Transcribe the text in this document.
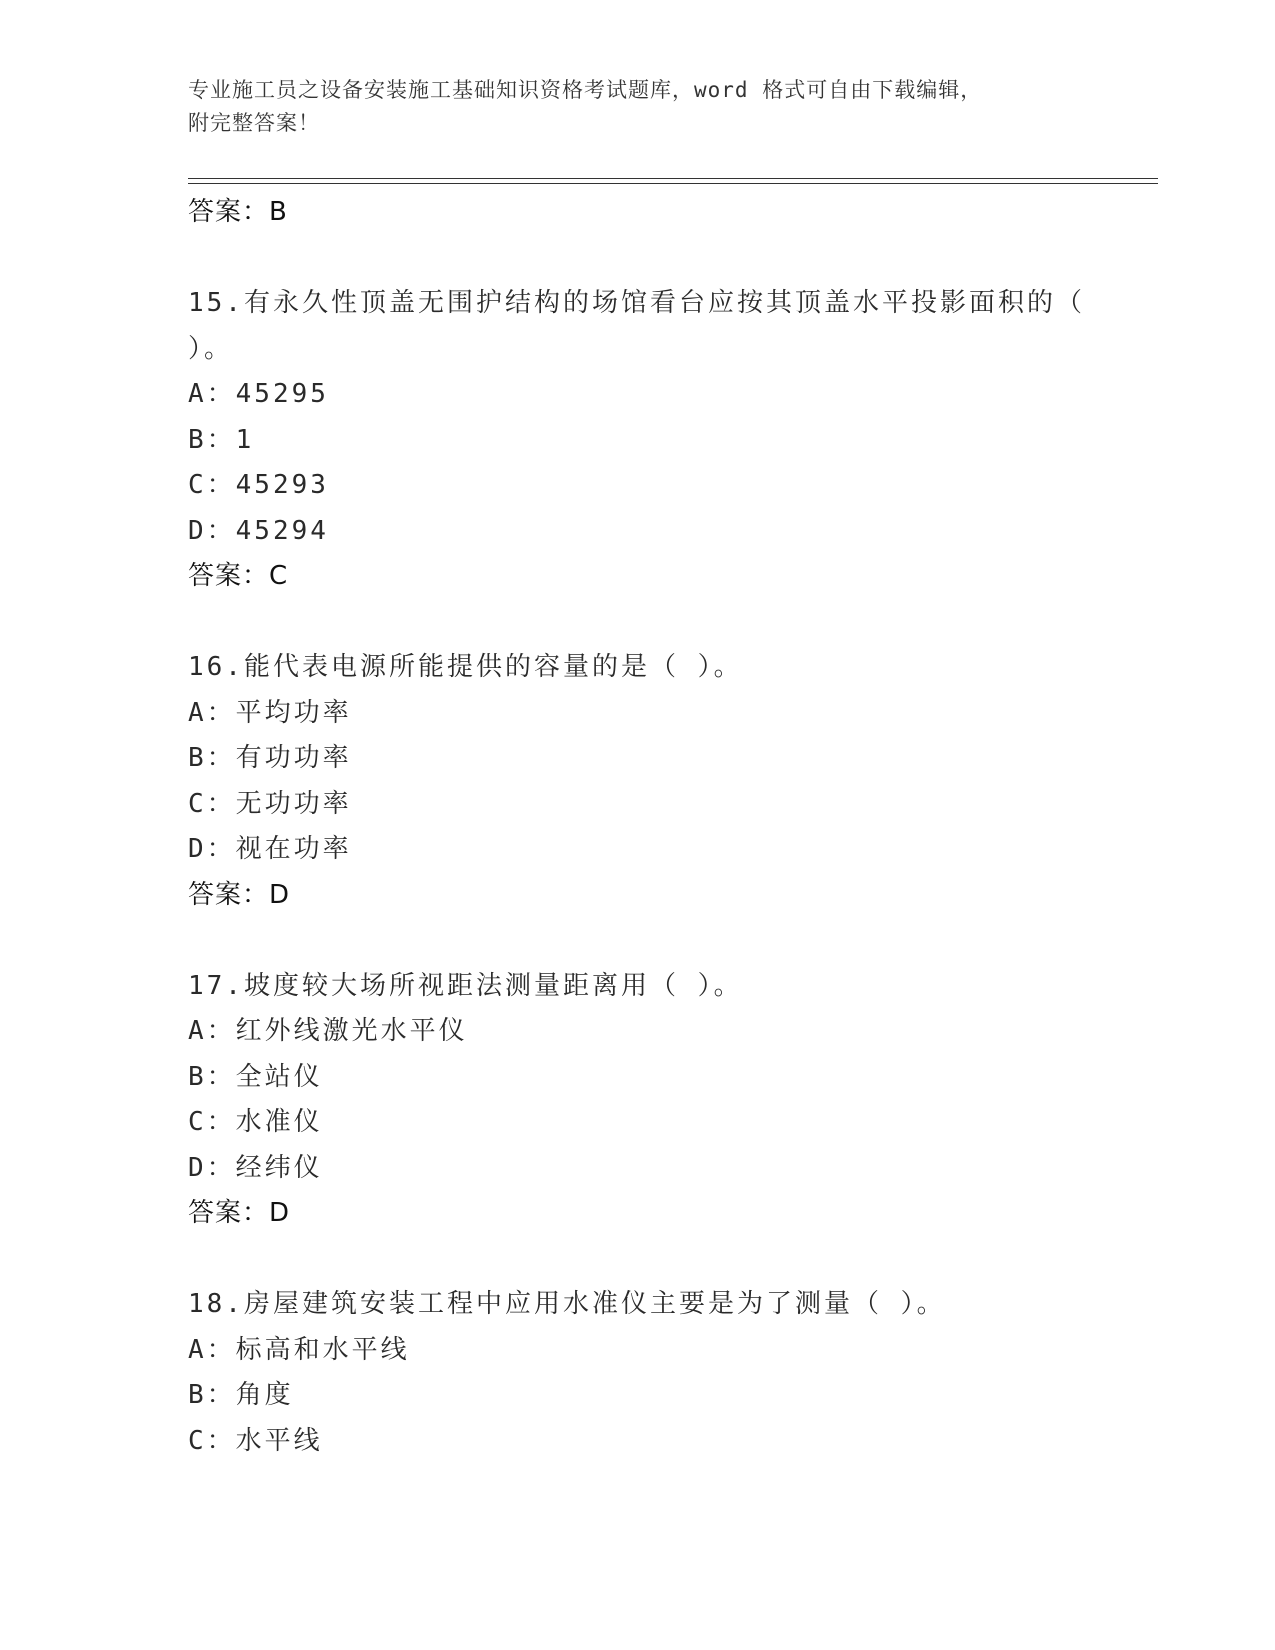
专业施工员之设备安装施工基础知识资格考试题库，word 格式可自由下载编辑，
附完整答案！
答案：B
15.有永久性顶盖无围护结构的场馆看台应按其顶盖水平投影面积的（
）。
A：45295
B：1
C：45293
D：45294
答案：C
16.能代表电源所能提供的容量的是（ ）。
A：平均功率
B：有功功率
C：无功功率
D：视在功率
答案：D
17.坡度较大场所视距法测量距离用（ ）。
A：红外线激光水平仪
B：全站仪
C：水准仪
D：经纬仪
答案：D
18.房屋建筑安装工程中应用水准仪主要是为了测量（ ）。
A：标高和水平线
B：角度
C：水平线
